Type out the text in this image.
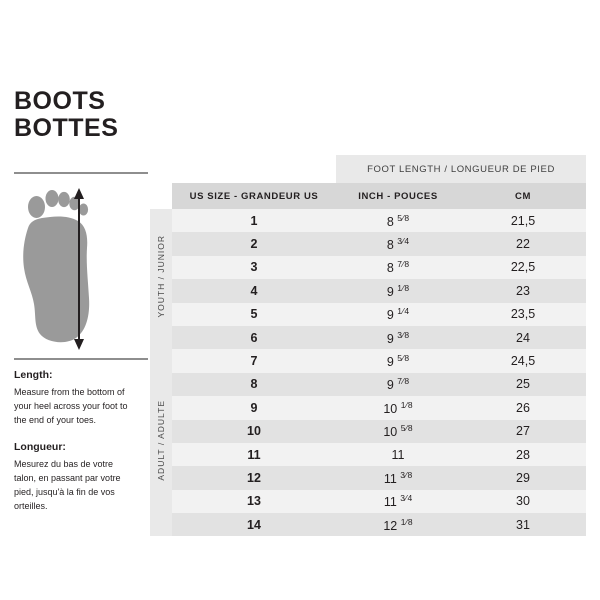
BOOTS
BOTTES

Length:

Measure from the bottom of your heel across your foot to the end of your toes.

Longueur:

Mesurez du bas de votre talon, en passant par votre pied, jusqu'à la fin de vos orteilles.

		FOOT LENGTH / LONGUEUR DE PIED	
	US SIZE - GRANDEUR US	INCH - POUCES	CM
YOUTH / JUNIOR	1	8 $^{5⁄8}$	21,5
	2	8 $^{3⁄4}$	22
	3	8 $^{7⁄8}$	22,5
	4	9 $^{1⁄8}$	23
	5	9 $^{1⁄4}$	23,5
	6	9 $^{3⁄8}$	24
ADULT / ADULTE	7	9 $^{5⁄8}$	24,5
	8	9 $^{7⁄8}$	25
	9	10 $^{1⁄8}$	26
	10	10 $^{5⁄8}$	27
	11	11	28
	12	11 $^{3⁄8}$	29
	13	11 $^{3⁄4}$	30
	14	12 $^{1⁄8}$	31
